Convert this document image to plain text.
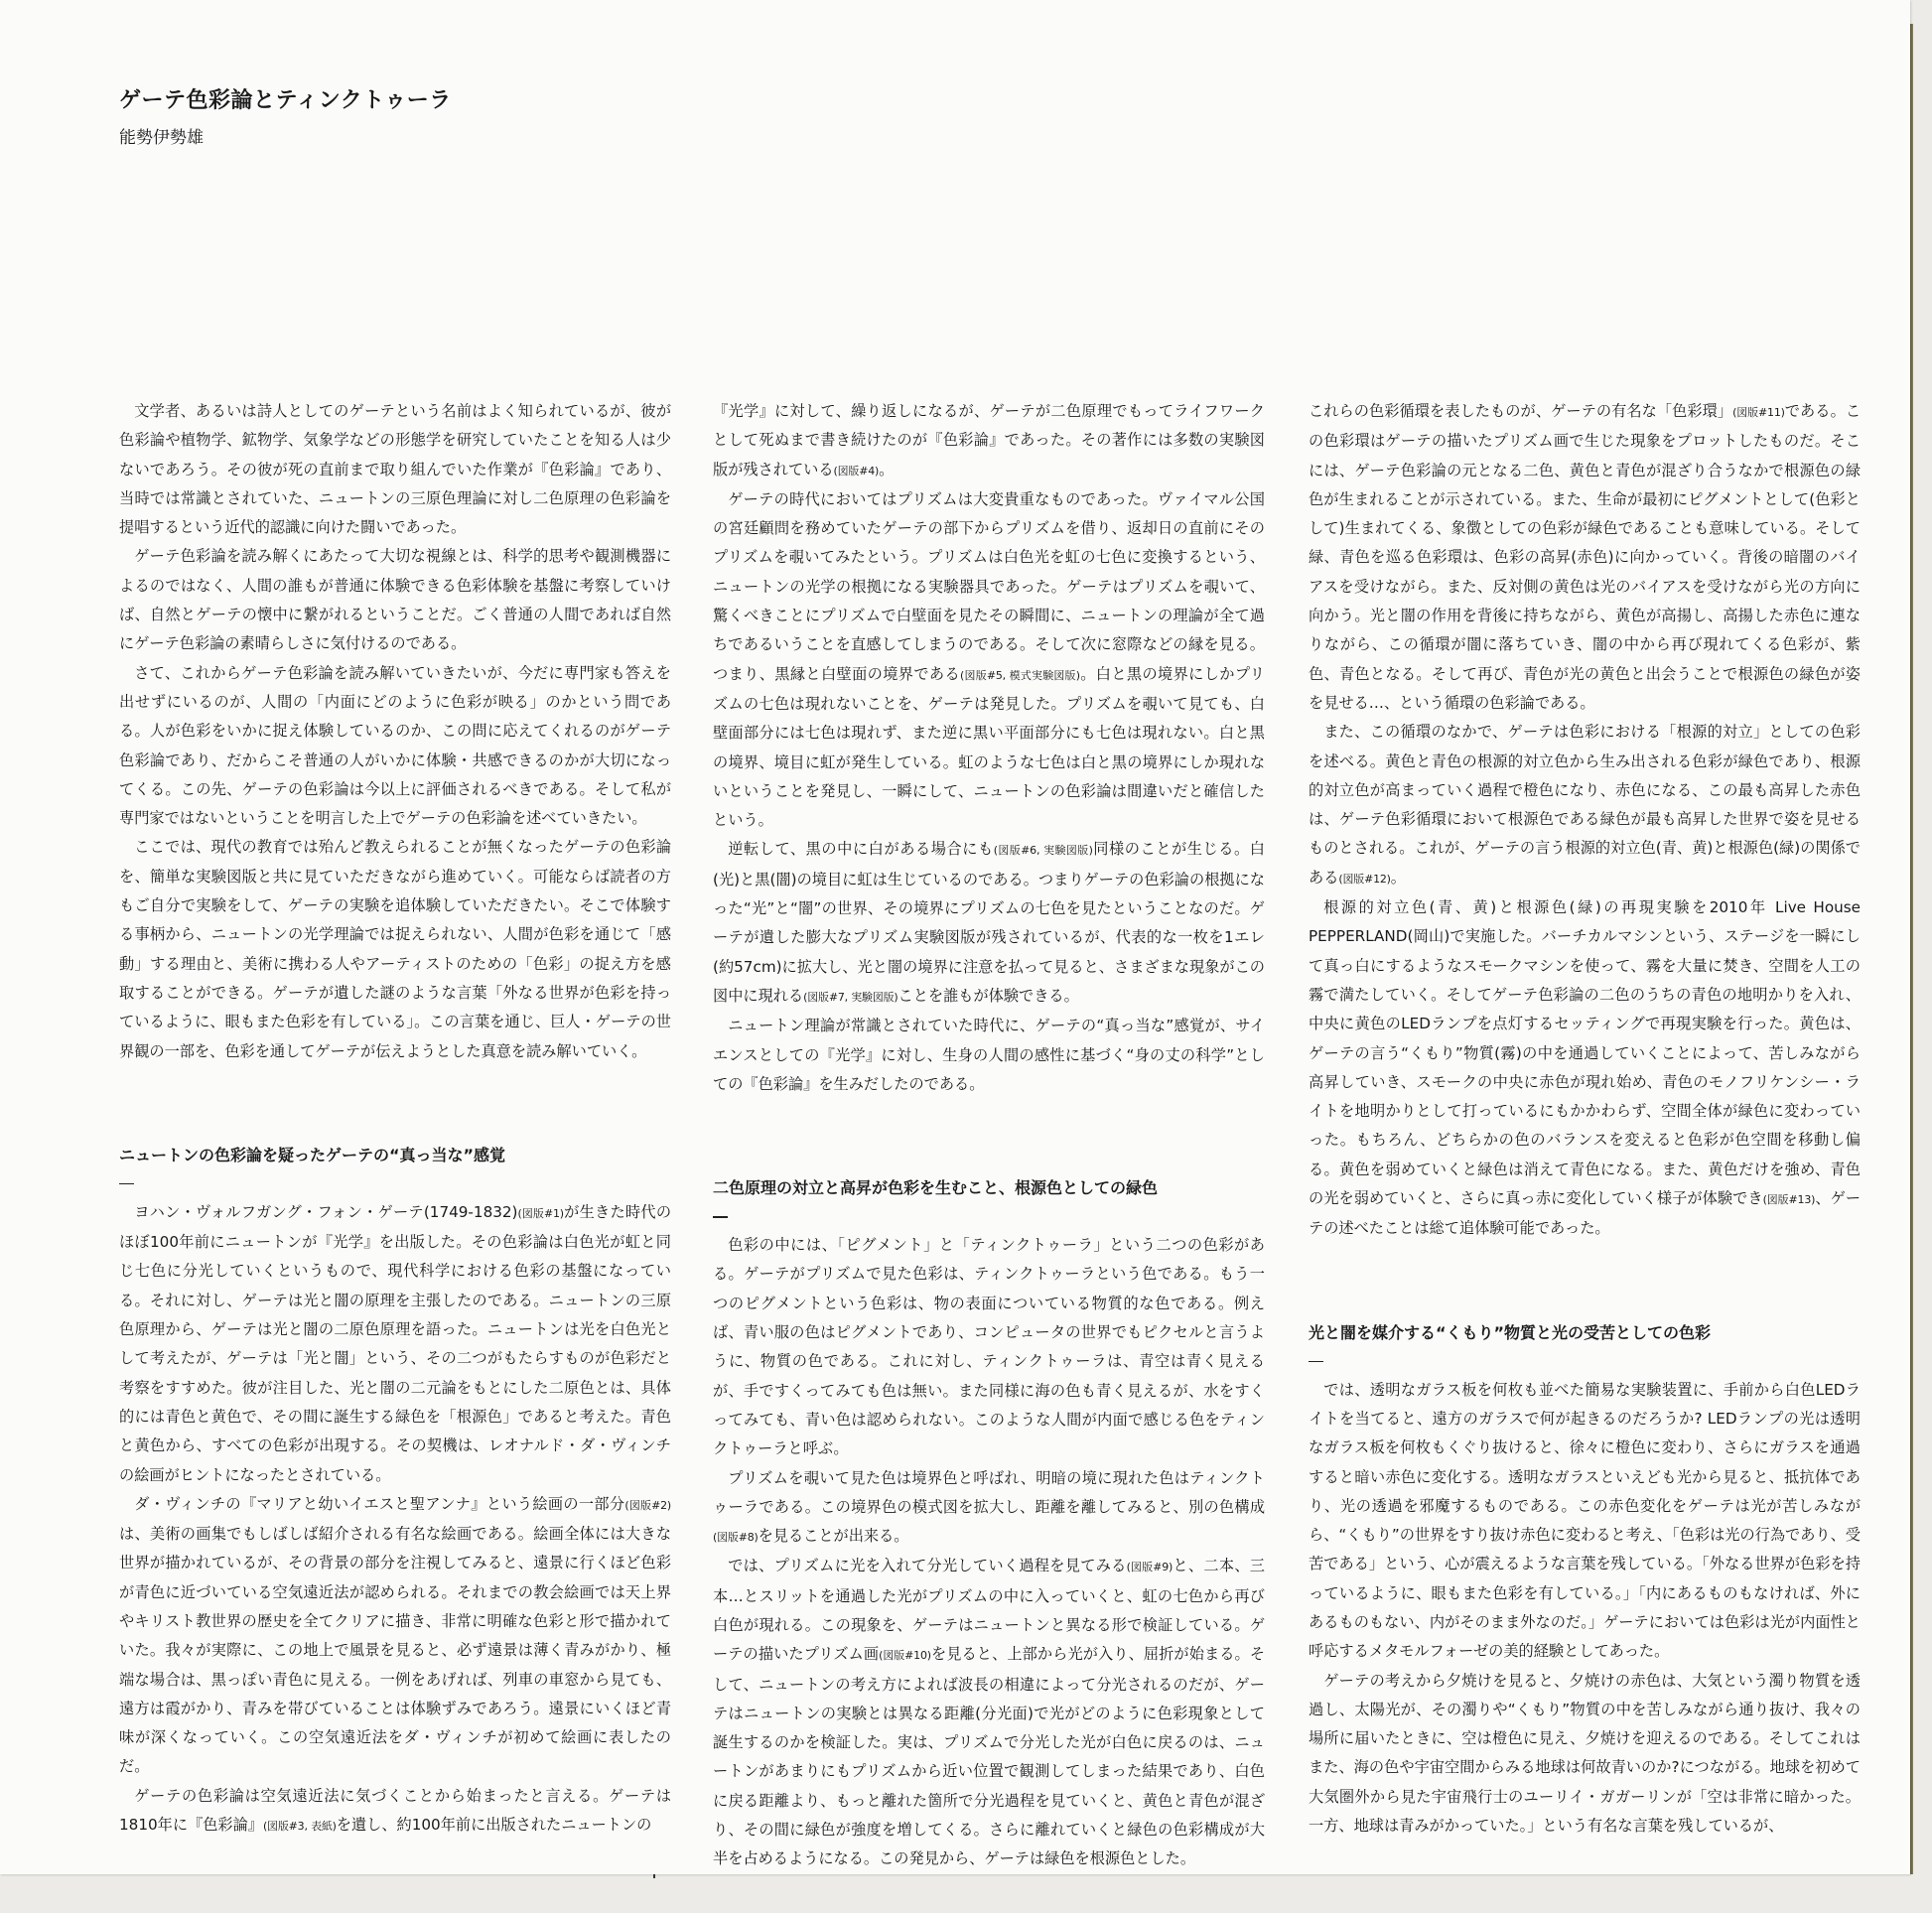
ゲーテ色彩論とティンクトゥーラ
能勢伊勢雄

文学者、あるいは詩人としてのゲーテという名前はよく知られているが、彼が色彩論や植物学、鉱物学、気象学などの形態学を研究していたことを知る人は少ないであろう。その彼が死の直前まで取り組んでいた作業が『色彩論』であり、当時では常識とされていた、ニュートンの三原色理論に対し二色原理の色彩論を提唱するという近代的認識に向けた闘いであった。

ゲーテ色彩論を読み解くにあたって大切な視線とは、科学的思考や観測機器によるのではなく、人間の誰もが普通に体験できる色彩体験を基盤に考察していけば、自然とゲーテの懐中に繋がれるということだ。ごく普通の人間であれば自然にゲーテ色彩論の素晴らしさに気付けるのである。

さて、これからゲーテ色彩論を読み解いていきたいが、今だに専門家も答えを出せずにいるのが、人間の「内面にどのように色彩が映る」のかという問である。人が色彩をいかに捉え体験しているのか、この問に応えてくれるのがゲーテ色彩論であり、だからこそ普通の人がいかに体験・共感できるのかが大切になってくる。この先、ゲーテの色彩論は今以上に評価されるべきである。そして私が専門家ではないということを明言した上でゲーテの色彩論を述べていきたい。

ここでは、現代の教育では殆んど教えられることが無くなったゲーテの色彩論を、簡単な実験図版と共に見ていただきながら進めていく。可能ならば読者の方もご自分で実験をして、ゲーテの実験を追体験していただきたい。そこで体験する事柄から、ニュートンの光学理論では捉えられない、人間が色彩を通じて「感動」する理由と、美術に携わる人やアーティストのための「色彩」の捉え方を感取することができる。ゲーテが遺した謎のような言葉「外なる世界が色彩を持っているように、眼もまた色彩を有している」。この言葉を通じ、巨人・ゲーテの世界観の一部を、色彩を通してゲーテが伝えようとした真意を読み解いていく。

ニュートンの色彩論を疑ったゲーテの“真っ当な”感覚

ヨハン・ヴォルフガング・フォン・ゲーテ(1749-1832)(図版#1)が生きた時代のほぼ100年前にニュートンが『光学』を出版した。その色彩論は白色光が虹と同じ七色に分光していくというもので、現代科学における色彩の基盤になっている。それに対し、ゲーテは光と闇の原理を主張したのである。ニュートンの三原色原理から、ゲーテは光と闇の二原色原理を語った。ニュートンは光を白色光として考えたが、ゲーテは「光と闇」という、その二つがもたらすものが色彩だと考察をすすめた。彼が注目した、光と闇の二元論をもとにした二原色とは、具体的には青色と黄色で、その間に誕生する緑色を「根源色」であると考えた。青色と黄色から、すべての色彩が出現する。その契機は、レオナルド・ダ・ヴィンチの絵画がヒントになったとされている。

ダ・ヴィンチの『マリアと幼いイエスと聖アンナ』という絵画の一部分(図版#2)は、美術の画集でもしばしば紹介される有名な絵画である。絵画全体には大きな世界が描かれているが、その背景の部分を注視してみると、遠景に行くほど色彩が青色に近づいている空気遠近法が認められる。それまでの教会絵画では天上界やキリスト教世界の歴史を全てクリアに描き、非常に明確な色彩と形で描かれていた。我々が実際に、この地上で風景を見ると、必ず遠景は薄く青みがかり、極端な場合は、黒っぽい青色に見える。一例をあげれば、列車の車窓から見ても、遠方は霞がかり、青みを帯びていることは体験ずみであろう。遠景にいくほど青味が深くなっていく。この空気遠近法をダ・ヴィンチが初めて絵画に表したのだ。

ゲーテの色彩論は空気遠近法に気づくことから始まったと言える。ゲーテは1810年に『色彩論』(図版#3, 表紙)を遺し、約100年前に出版されたニュートンの

『光学』に対して、繰り返しになるが、ゲーテが二色原理でもってライフワークとして死ぬまで書き続けたのが『色彩論』であった。その著作には多数の実験図版が残されている(図版#4)。

ゲーテの時代においてはプリズムは大変貴重なものであった。ヴァイマル公国の宮廷顧問を務めていたゲーテの部下からプリズムを借り、返却日の直前にそのプリズムを覗いてみたという。プリズムは白色光を虹の七色に変換するという、ニュートンの光学の根拠になる実験器具であった。ゲーテはプリズムを覗いて、驚くべきことにプリズムで白壁面を見たその瞬間に、ニュートンの理論が全て過ちであるいうことを直感してしまうのである。そして次に窓際などの縁を見る。つまり、黒縁と白壁面の境界である(図版#5, 模式実験図版)。白と黒の境界にしかプリズムの七色は現れないことを、ゲーテは発見した。プリズムを覗いて見ても、白壁面部分には七色は現れず、また逆に黒い平面部分にも七色は現れない。白と黒の境界、境目に虹が発生している。虹のような七色は白と黒の境界にしか現れないということを発見し、一瞬にして、ニュートンの色彩論は間違いだと確信したという。

逆転して、黒の中に白がある場合にも(図版#6, 実験図版)同様のことが生じる。白(光)と黒(闇)の境目に虹は生じているのである。つまりゲーテの色彩論の根拠になった“光”と“闇”の世界、その境界にプリズムの七色を見たということなのだ。ゲーテが遺した膨大なプリズム実験図版が残されているが、代表的な一枚を1エレ(約57cm)に拡大し、光と闇の境界に注意を払って見ると、さまざまな現象がこの図中に現れる(図版#7, 実験図版)ことを誰もが体験できる。

ニュートン理論が常識とされていた時代に、ゲーテの“真っ当な”感覚が、サイエンスとしての『光学』に対し、生身の人間の感性に基づく“身の丈の科学”としての『色彩論』を生みだしたのである。

二色原理の対立と高昇が色彩を生むこと、根源色としての緑色

色彩の中には、「ピグメント」と「ティンクトゥーラ」という二つの色彩がある。ゲーテがプリズムで見た色彩は、ティンクトゥーラという色である。もう一つのピグメントという色彩は、物の表面についている物質的な色である。例えば、青い服の色はピグメントであり、コンピュータの世界でもピクセルと言うように、物質の色である。これに対し、ティンクトゥーラは、青空は青く見えるが、手ですくってみても色は無い。また同様に海の色も青く見えるが、水をすくってみても、青い色は認められない。このような人間が内面で感じる色をティンクトゥーラと呼ぶ。

プリズムを覗いて見た色は境界色と呼ばれ、明暗の境に現れた色はティンクトゥーラである。この境界色の模式図を拡大し、距離を離してみると、別の色構成(図版#8)を見ることが出来る。

では、プリズムに光を入れて分光していく過程を見てみる(図版#9)と、二本、三本…とスリットを通過した光がプリズムの中に入っていくと、虹の七色から再び白色が現れる。この現象を、ゲーテはニュートンと異なる形で検証している。ゲーテの描いたプリズム画(図版#10)を見ると、上部から光が入り、屈折が始まる。そして、ニュートンの考え方によれば波長の相違によって分光されるのだが、ゲーテはニュートンの実験とは異なる距離(分光面)で光がどのように色彩現象として誕生するのかを検証した。実は、プリズムで分光した光が白色に戻るのは、ニュートンがあまりにもプリズムから近い位置で観測してしまった結果であり、白色に戻る距離より、もっと離れた箇所で分光過程を見ていくと、黄色と青色が混ざり、その間に緑色が強度を増してくる。さらに離れていくと緑色の色彩構成が大半を占めるようになる。この発見から、ゲーテは緑色を根源色とした。

これらの色彩循環を表したものが、ゲーテの有名な「色彩環」(図版#11)である。この色彩環はゲーテの描いたプリズム画で生じた現象をプロットしたものだ。そこには、ゲーテ色彩論の元となる二色、黄色と青色が混ざり合うなかで根源色の緑色が生まれることが示されている。また、生命が最初にピグメントとして(色彩として)生まれてくる、象徴としての色彩が緑色であることも意味している。そして緑、青色を巡る色彩環は、色彩の高昇(赤色)に向かっていく。背後の暗闇のバイアスを受けながら。また、反対側の黄色は光のバイアスを受けながら光の方向に向かう。光と闇の作用を背後に持ちながら、黄色が高揚し、高揚した赤色に連なりながら、この循環が闇に落ちていき、闇の中から再び現れてくる色彩が、紫色、青色となる。そして再び、青色が光の黄色と出会うことで根源色の緑色が姿を見せる…、という循環の色彩論である。

また、この循環のなかで、ゲーテは色彩における「根源的対立」としての色彩を述べる。黄色と青色の根源的対立色から生み出される色彩が緑色であり、根源的対立色が高まっていく過程で橙色になり、赤色になる、この最も高昇した赤色は、ゲーテ色彩循環において根源色である緑色が最も高昇した世界で姿を見せるものとされる。これが、ゲーテの言う根源的対立色(青、黄)と根源色(緑)の関係である(図版#12)。

根源的対立色(青、黄)と根源色(緑)の再現実験を2010年 Live House PEPPERLAND(岡山)で実施した。バーチカルマシンという、ステージを一瞬にして真っ白にするようなスモークマシンを使って、霧を大量に焚き、空間を人工の霧で満たしていく。そしてゲーテ色彩論の二色のうちの青色の地明かりを入れ、中央に黄色のLEDランプを点灯するセッティングで再現実験を行った。黄色は、ゲーテの言う“くもり”物質(霧)の中を通過していくことによって、苦しみながら高昇していき、スモークの中央に赤色が現れ始め、青色のモノフリケンシー・ライトを地明かりとして打っているにもかかわらず、空間全体が緑色に変わっていった。もちろん、どちらかの色のバランスを変えると色彩が色空間を移動し偏る。黄色を弱めていくと緑色は消えて青色になる。また、黄色だけを強め、青色の光を弱めていくと、さらに真っ赤に変化していく様子が体験でき(図版#13)、ゲーテの述べたことは総て追体験可能であった。

光と闇を媒介する“くもり”物質と光の受苦としての色彩

では、透明なガラス板を何枚も並べた簡易な実験装置に、手前から白色LEDライトを当てると、遠方のガラスで何が起きるのだろうか? LEDランプの光は透明なガラス板を何枚もくぐり抜けると、徐々に橙色に変わり、さらにガラスを通過すると暗い赤色に変化する。透明なガラスといえども光から見ると、抵抗体であり、光の透過を邪魔するものである。この赤色変化をゲーテは光が苦しみながら、“くもり”の世界をすり抜け赤色に変わると考え、「色彩は光の行為であり、受苦である」という、心が震えるような言葉を残している。「外なる世界が色彩を持っているように、眼もまた色彩を有している。」「内にあるものもなければ、外にあるものもない、内がそのまま外なのだ。」ゲーテにおいては色彩は光が内面性と呼応するメタモルフォーゼの美的経験としてあった。

ゲーテの考えから夕焼けを見ると、夕焼けの赤色は、大気という濁り物質を透過し、太陽光が、その濁りや“くもり”物質の中を苦しみながら通り抜け、我々の場所に届いたときに、空は橙色に見え、夕焼けを迎えるのである。そしてこれはまた、海の色や宇宙空間からみる地球は何故青いのか?につながる。地球を初めて大気圏外から見た宇宙飛行士のユーリイ・ガガーリンが「空は非常に暗かった。一方、地球は青みがかっていた。」という有名な言葉を残しているが、
